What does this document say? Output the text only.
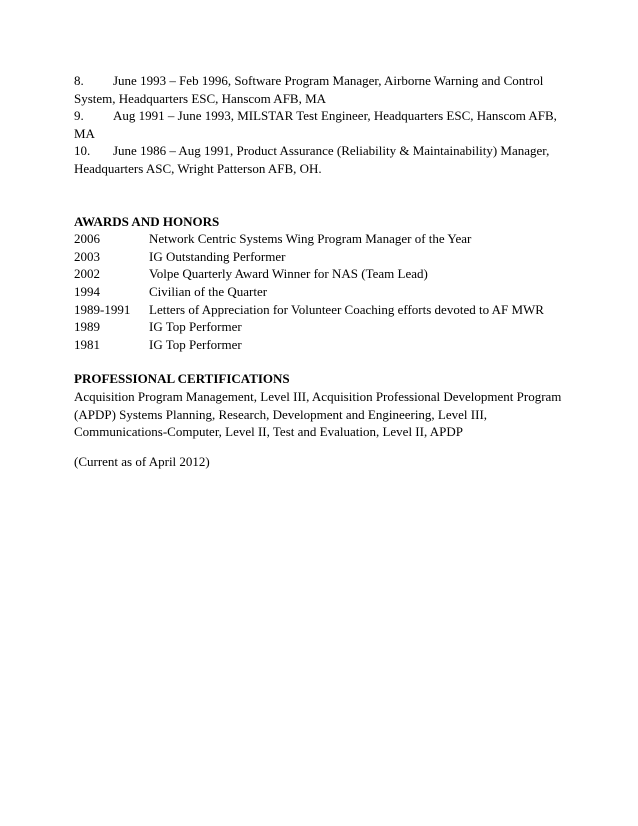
8. June 1993 – Feb 1996, Software Program Manager, Airborne Warning and Control
System, Headquarters ESC, Hanscom AFB, MA
9. Aug 1991 – June 1993, MILSTAR Test Engineer, Headquarters ESC, Hanscom AFB,
MA
10. June 1986 – Aug 1991, Product Assurance (Reliability & Maintainability) Manager,
Headquarters ASC, Wright Patterson AFB, OH.
AWARDS AND HONORS
2006	Network Centric Systems Wing Program Manager of the Year
2003	IG Outstanding Performer
2002	Volpe Quarterly Award Winner for NAS (Team Lead)
1994	Civilian of the Quarter
1989-1991 Letters of Appreciation for Volunteer Coaching efforts devoted to AF MWR
1989	IG Top Performer
1981	IG Top Performer
PROFESSIONAL CERTIFICATIONS
Acquisition Program Management, Level III, Acquisition Professional Development Program
(APDP) Systems Planning, Research, Development and Engineering, Level III,
Communications-Computer, Level II, Test and Evaluation, Level II, APDP
(Current as of April 2012)
